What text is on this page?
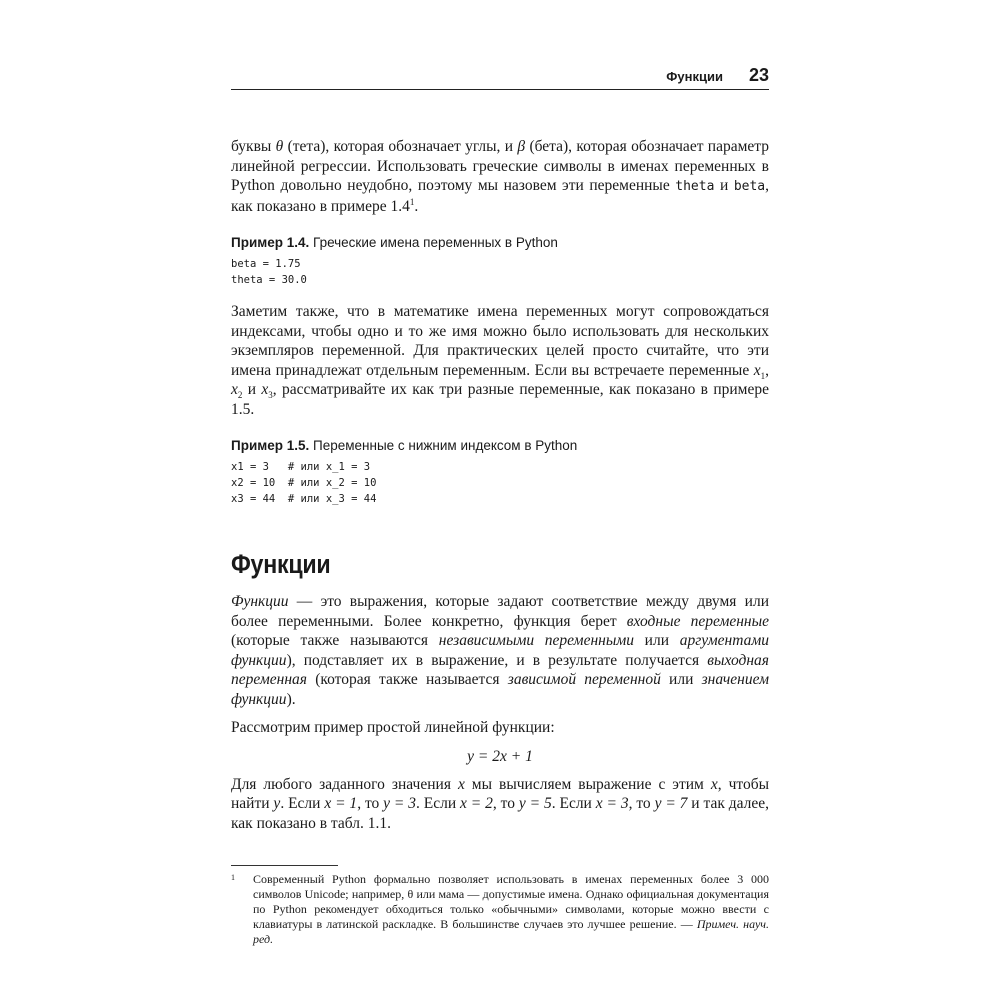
Функции 23

буквы θ (тета), которая обозначает углы, и β (бета), которая обозначает параметр линейной регрессии. Использовать греческие символы в именах переменных в Python довольно неудобно, поэтому мы назовем эти переменные theta и beta, как показано в примере $1.4^1$.

Пример 1.4. Греческие имена переменных в Python
beta = 1.75
theta = 30.0

Заметим также, что в математике имена переменных могут сопровождаться индексами, чтобы одно и то же имя можно было использовать для нескольких экземпляров переменной. Для практических целей просто считайте, что эти имена принадлежат отдельным переменным. Если вы встречаете переменные $x_1$, $x_2$ и $x_3$, рассматривайте их как три разные переменные, как показано в примере 1.5.

Пример 1.5. Переменные с нижним индексом в Python
x1 = 3   # или x_1 = 3
x2 = 10  # или x_2 = 10
x3 = 44  # или x_3 = 44
Функции

Функции — это выражения, которые задают соответствие между двумя или более переменными. Более конкретно, функция берет входные переменные (которые также называются независимыми переменными или аргументами функции), подставляет их в выражение, и в результате получается выходная переменная (которая также называется зависимой переменной или значением функции).

Рассмотрим пример простой линейной функции:

y = 2x + 1

Для любого заданного значения x мы вычисляем выражение с этим x, чтобы найти y. Если x = 1, то y = 3. Если x = 2, то y = 5. Если x = 3, то y = 7 и так далее, как показано в табл. 1.1.

1	Современный Python формально позволяет использовать в именах переменных более 3 000 символов Unicode; например, θ или мама — допустимые имена. Однако официальная документация по Python рекомендует обходиться только «обычными» символами, которые можно ввести с клавиатуры в латинской раскладке. В большинстве случаев это лучшее решение. — Примеч. науч. ред.
